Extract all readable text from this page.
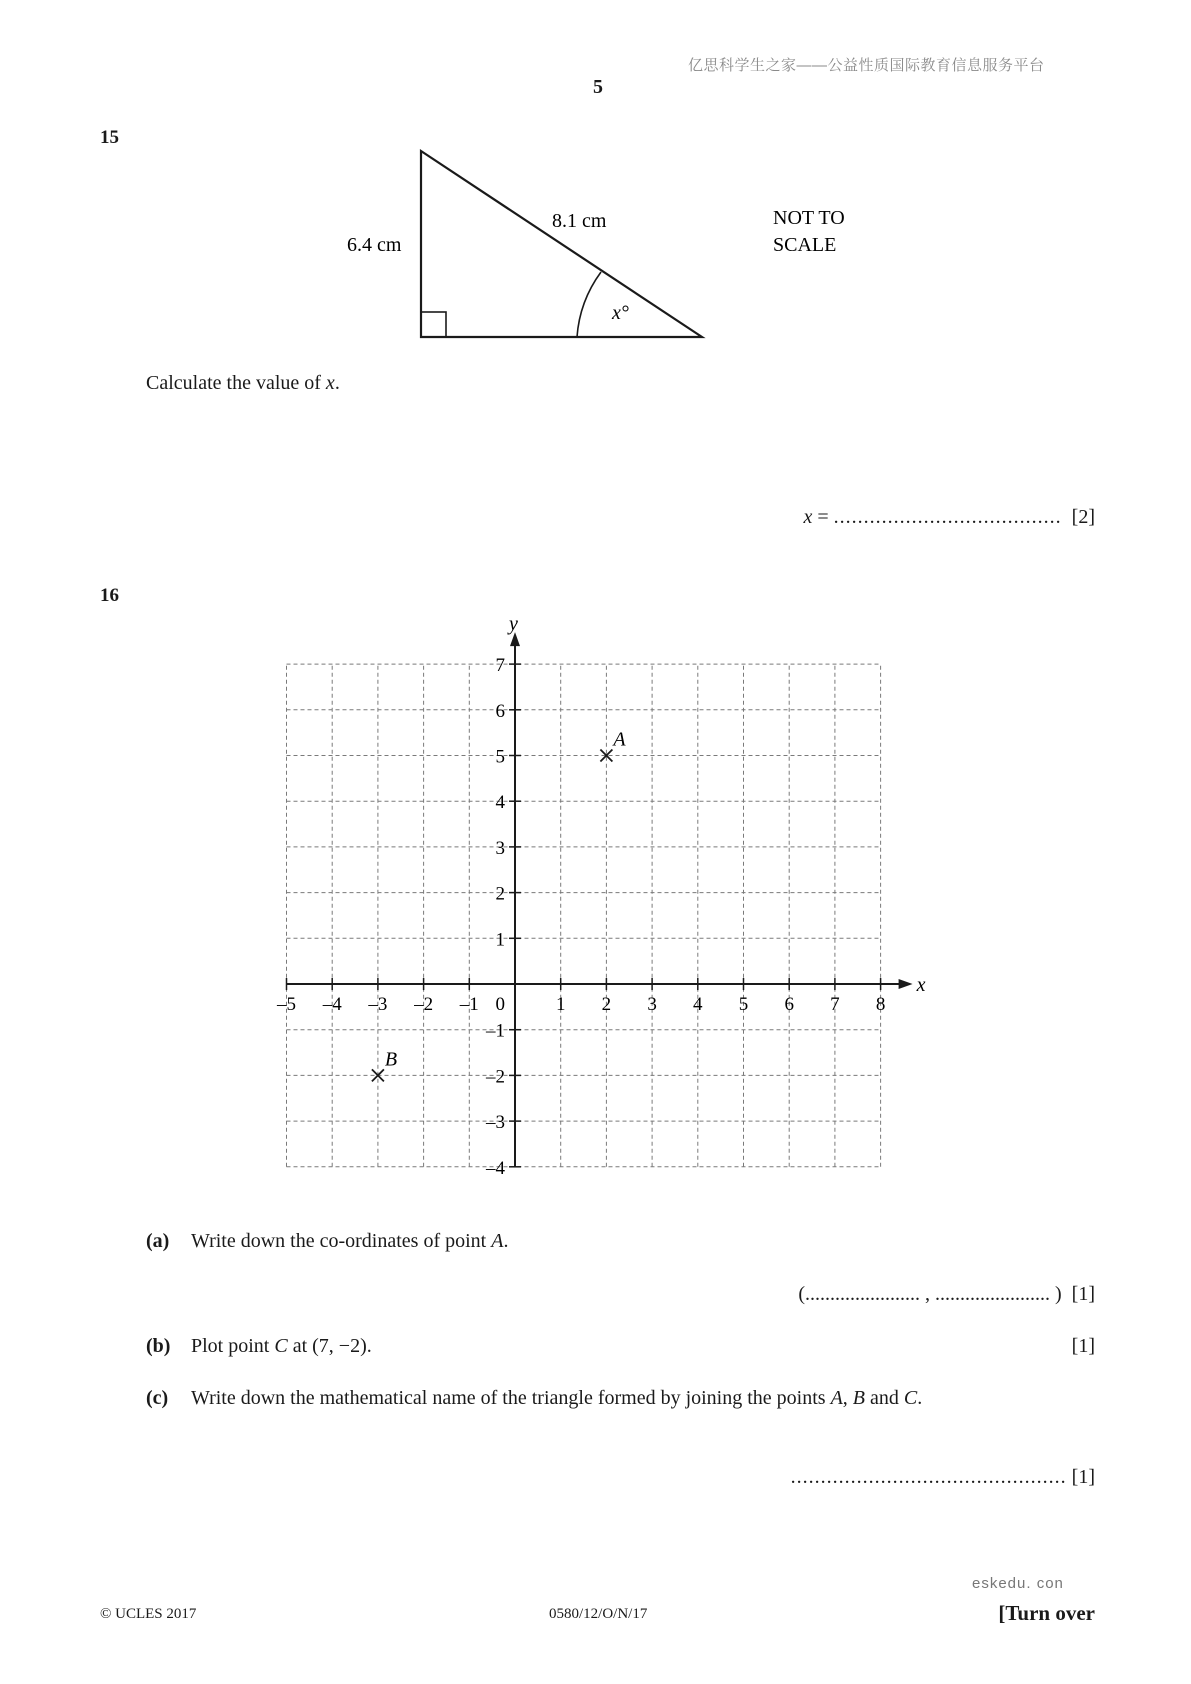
亿思科学生之家——公益性质国际教育信息服务平台
5
15
6.4 cm
8.1 cm
x°
NOT TO
SCALE
Calculate the value of x.
x = ...................................... [2]
16
x
y
–5 –4 –3 –2 –1	1 2 3 4 5 6 7 8
7
6
5
4
3
2
1
–1
–2
–3
–4
0
A
B
(a) Write down the co-ordinates of point A.
(....................... , ....................... ) [1]
(b) Plot point C at (7, −2).	[1]
(c) Write down the mathematical name of the triangle formed by joining the points A, B and C.
.............................................. [1]
eskedu. con
© UCLES 2017	0580/12/O/N/17	[Turn over
